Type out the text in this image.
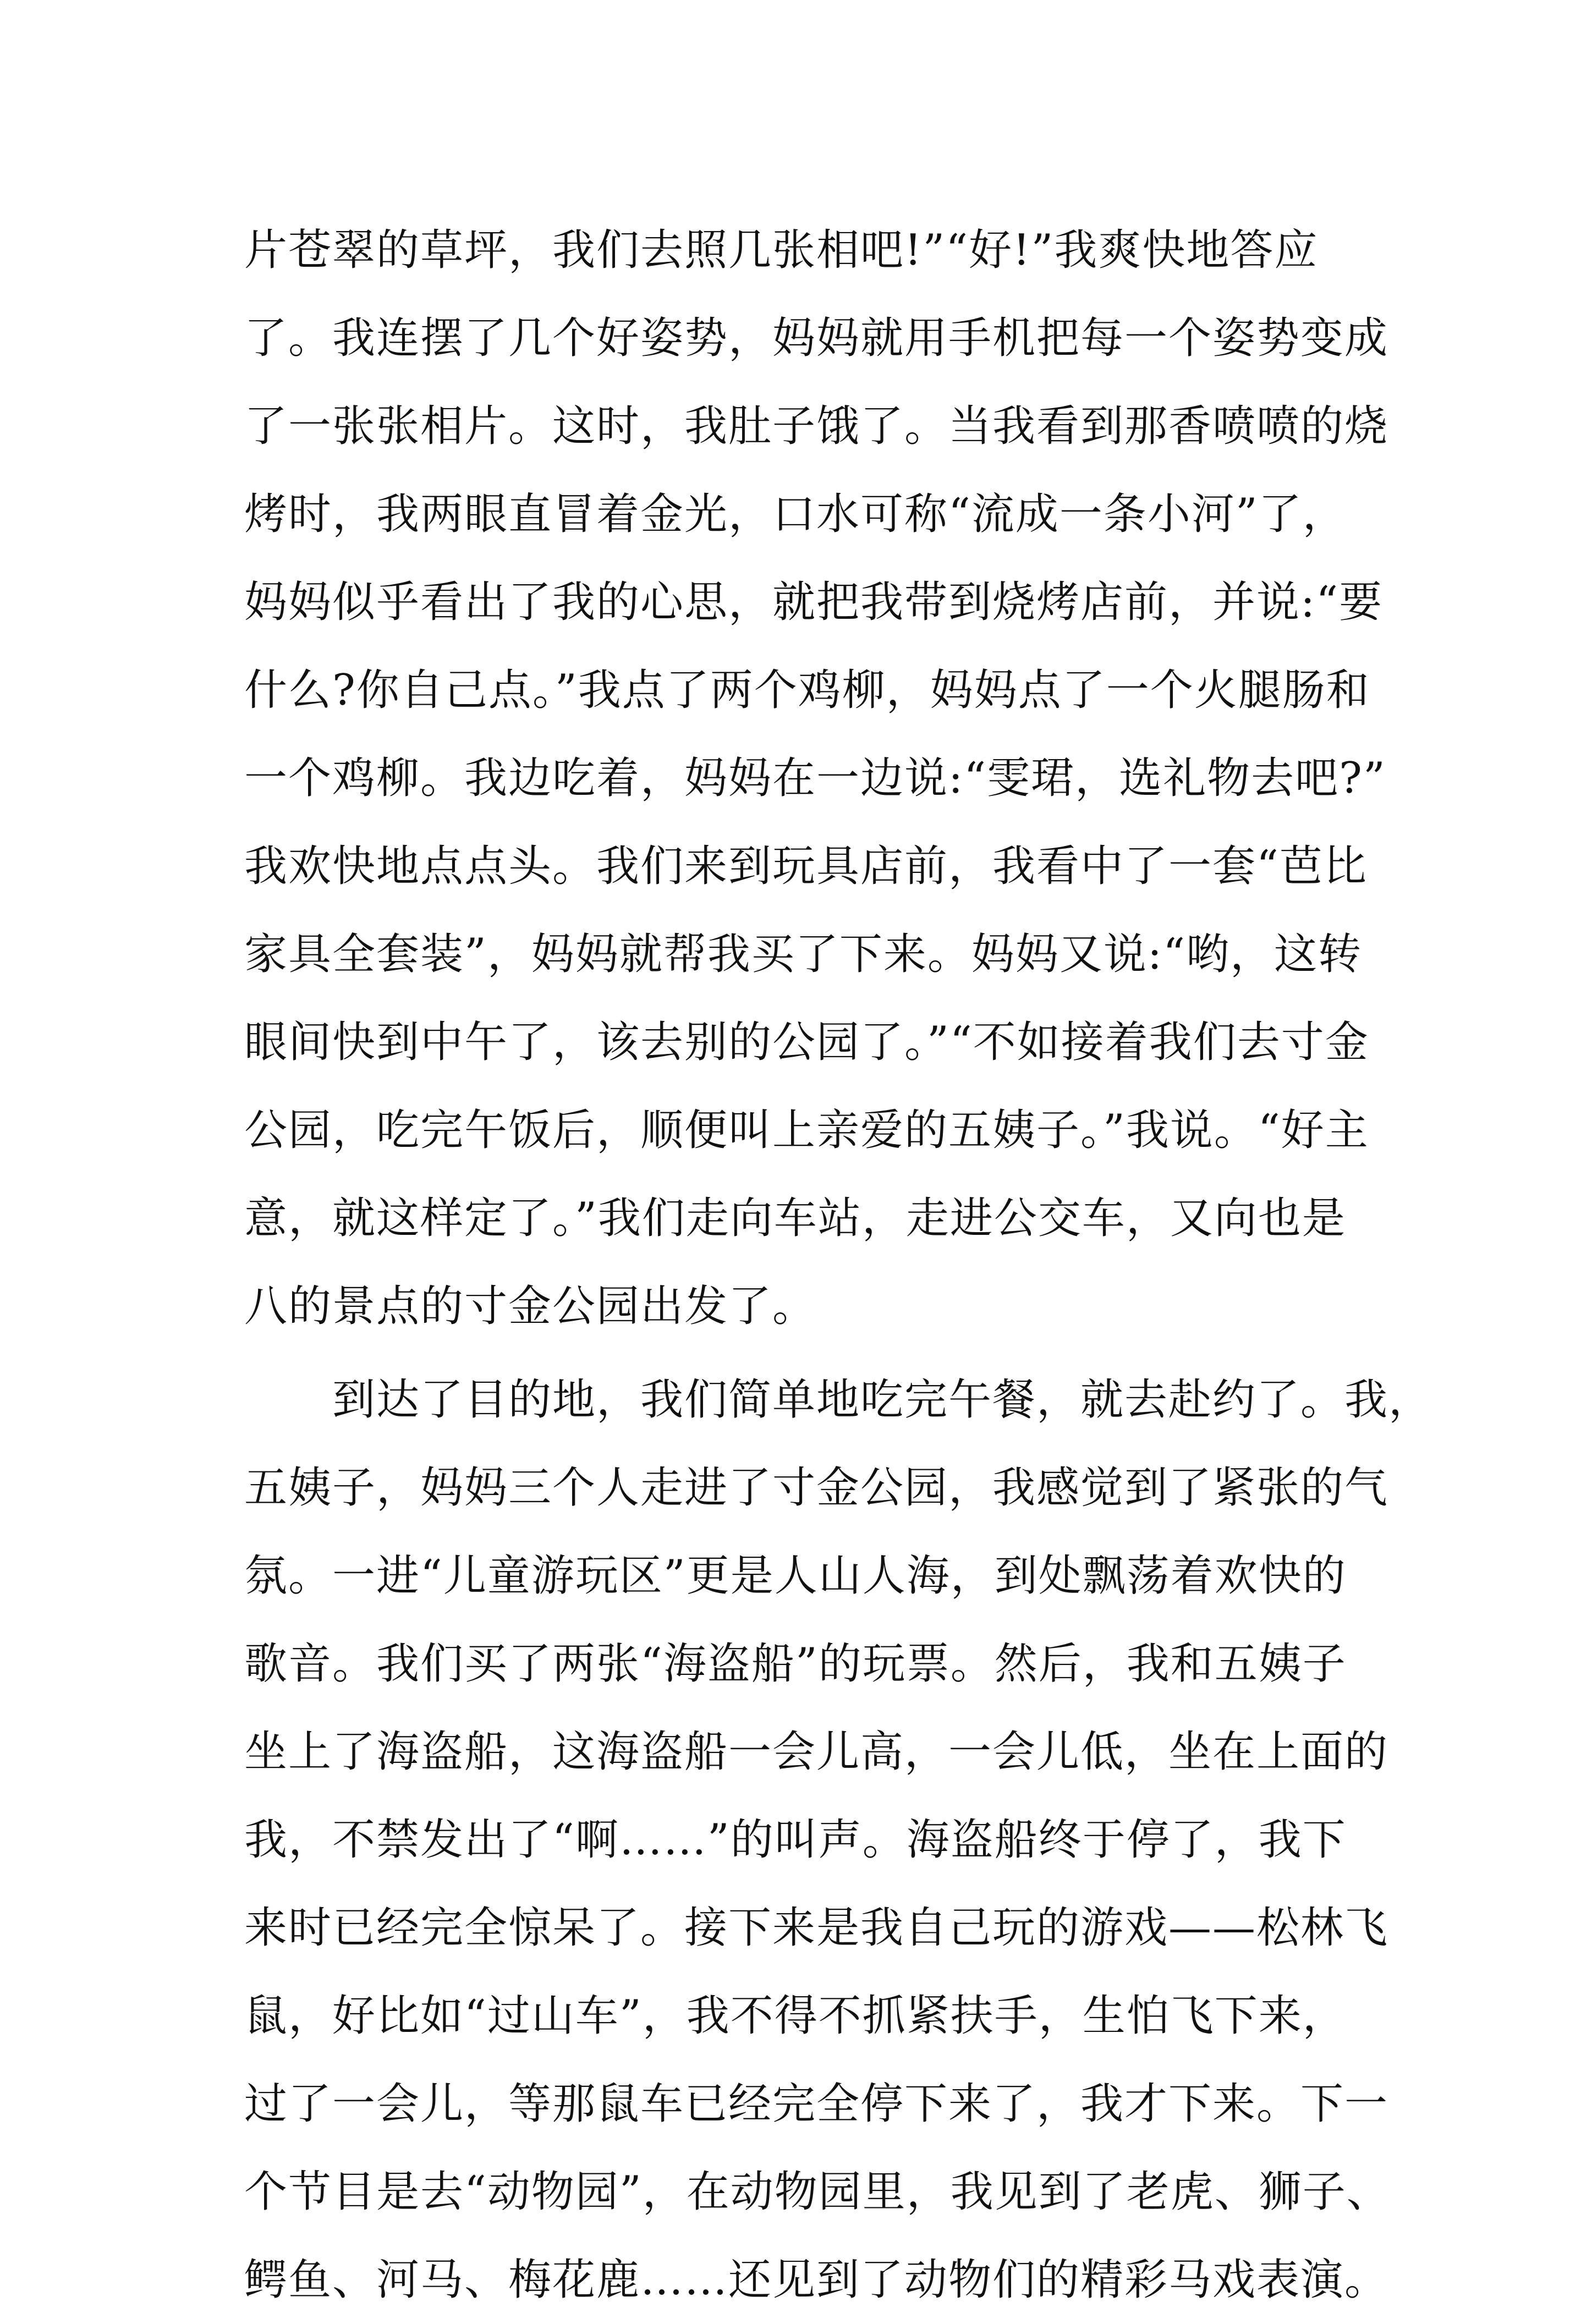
片苍翠的草坪，我们去照几张相吧!”“好!”我爽快地答应
了。我连摆了几个好姿势，妈妈就用手机把每一个姿势变成
了一张张相片。这时，我肚子饿了。当我看到那香喷喷的烧
烤时，我两眼直冒着金光，口水可称“流成一条小河”了，
妈妈似乎看出了我的心思，就把我带到烧烤店前，并说:“要
什么?你自己点。”我点了两个鸡柳，妈妈点了一个火腿肠和
一个鸡柳。我边吃着，妈妈在一边说:“雯珺，选礼物去吧?”
我欢快地点点头。我们来到玩具店前，我看中了一套“芭比
家具全套装”，妈妈就帮我买了下来。妈妈又说:“哟，这转
眼间快到中午了，该去别的公园了。”“不如接着我们去寸金
公园，吃完午饭后，顺便叫上亲爱的五姨子。”我说。“好主
意，就这样定了。”我们走向车站，走进公交车，又向也是
八的景点的寸金公园出发了。
　　到达了目的地，我们简单地吃完午餐，就去赴约了。我，
五姨子，妈妈三个人走进了寸金公园，我感觉到了紧张的气
氛。一进“儿童游玩区”更是人山人海，到处飘荡着欢快的
歌音。我们买了两张“海盗船”的玩票。然后，我和五姨子
坐上了海盗船，这海盗船一会儿高，一会儿低，坐在上面的
我，不禁发出了“啊……”的叫声。海盗船终于停了，我下
来时已经完全惊呆了。接下来是我自己玩的游戏——松林飞
鼠，好比如“过山车”，我不得不抓紧扶手，生怕飞下来，
过了一会儿，等那鼠车已经完全停下来了，我才下来。下一
个节目是去“动物园”，在动物园里，我见到了老虎、狮子、
鳄鱼、河马、梅花鹿……还见到了动物们的精彩马戏表演。
